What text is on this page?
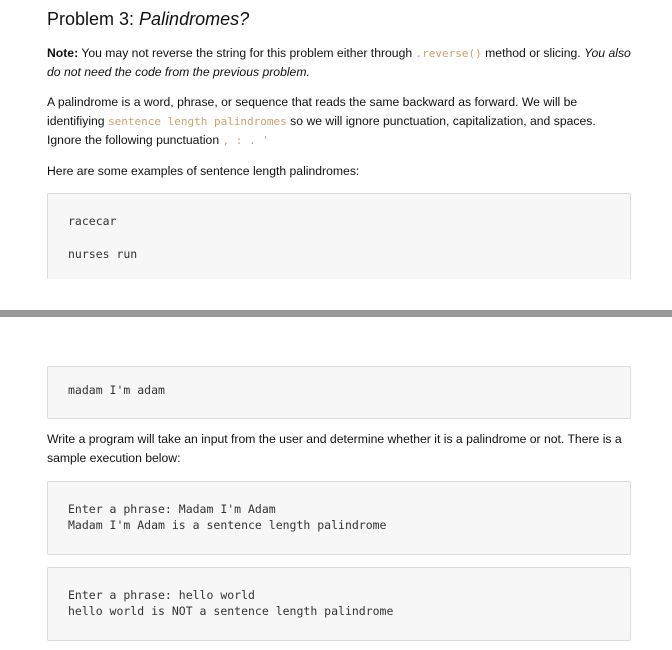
Problem 3: Palindromes?

Note: You may not reverse the string for this problem either through .reverse() method or slicing. You also do not need the code from the previous problem.

A palindrome is a word, phrase, or sequence that reads the same backward as forward. We will be identifiying sentence length palindromes so we will ignore punctuation, capitalization, and spaces. Ignore the following punctuation , : . '

Here are some examples of sentence length palindromes:

racecar
nurses run
madam I'm adam

Write a program will take an input from the user and determine whether it is a palindrome or not. There is a sample execution below:

Enter a phrase: Madam I'm Adam
Madam I'm Adam is a sentence length palindrome
Enter a phrase: hello world
hello world is NOT a sentence length palindrome
